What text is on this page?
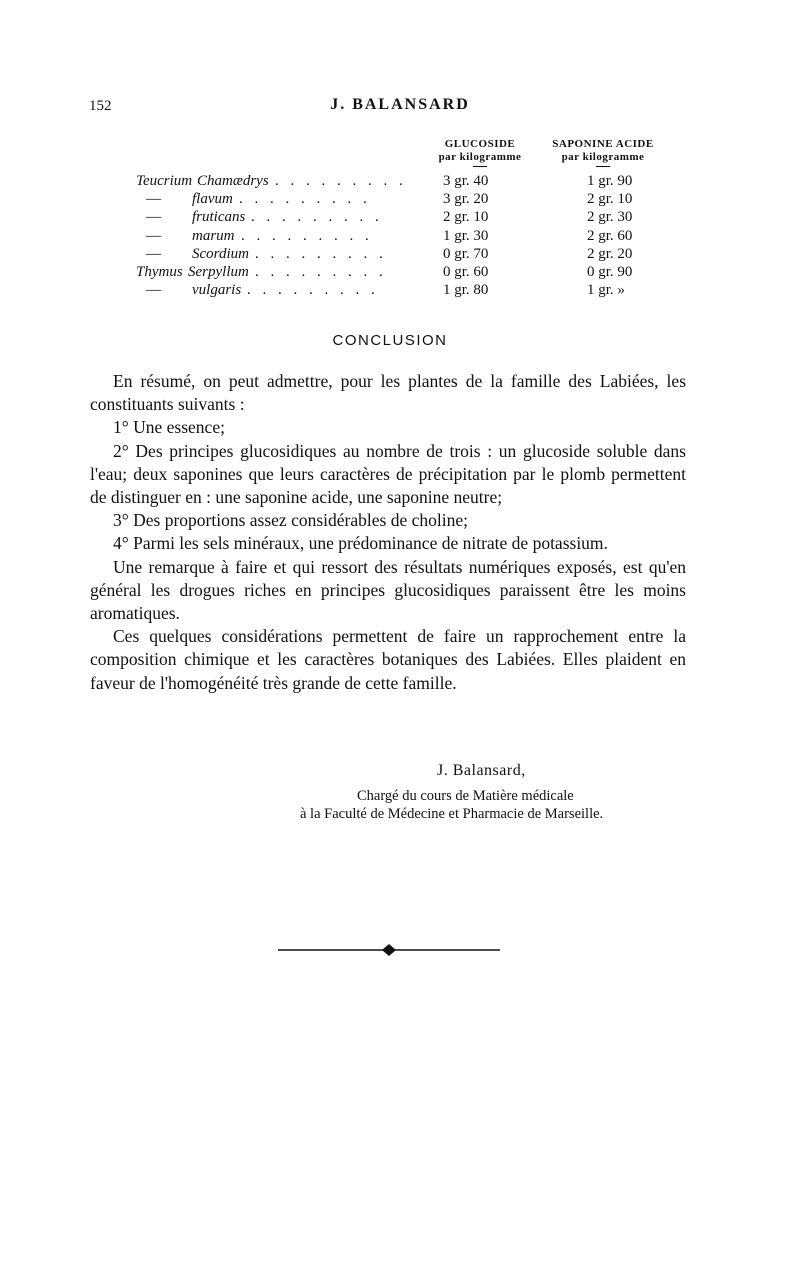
152	J. BALANSARD
GLUCOSIDE
par kilogramme
SAPONINE ACIDE
par kilogramme
Teucrium Chamædrys . . . . . . . . . 3 gr. 40	1 gr. 90
— flavum . . . . . . . . .	3 gr. 20	2 gr. 10
— fruticans . . . . . . . . .	2 gr. 10	2 gr. 30
— marum . . . . . . . . .	1 gr. 30	2 gr. 60
— Scordium . . . . . . . . .	0 gr. 70	2 gr. 20
Thymus Serpyllum . . . . . . . . .	0 gr. 60	0 gr. 90
— vulgaris . . . . . . . . .	1 gr. 80	1 gr. »
CONCLUSION

En résumé, on peut admettre, pour les plantes de la famille des Labiées, les constituants suivants :

1° Une essence;

2° Des principes glucosidiques au nombre de trois : un glucoside soluble dans l'eau; deux saponines que leurs caractères de précipitation par le plomb permettent de distinguer en : une saponine acide, une saponine neutre;

3° Des proportions assez considérables de choline;

4° Parmi les sels minéraux, une prédominance de nitrate de potassium.

Une remarque à faire et qui ressort des résultats numériques exposés, est qu'en général les drogues riches en principes glucosidiques paraissent être les moins aromatiques.

Ces quelques considérations permettent de faire un rapprochement entre la composition chimique et les caractères botaniques des Labiées. Elles plaident en faveur de l'homogénéité très grande de cette famille.

J. Balansard,
Chargé du cours de Matière médicale
à la Faculté de Médecine et Pharmacie de Marseille.
